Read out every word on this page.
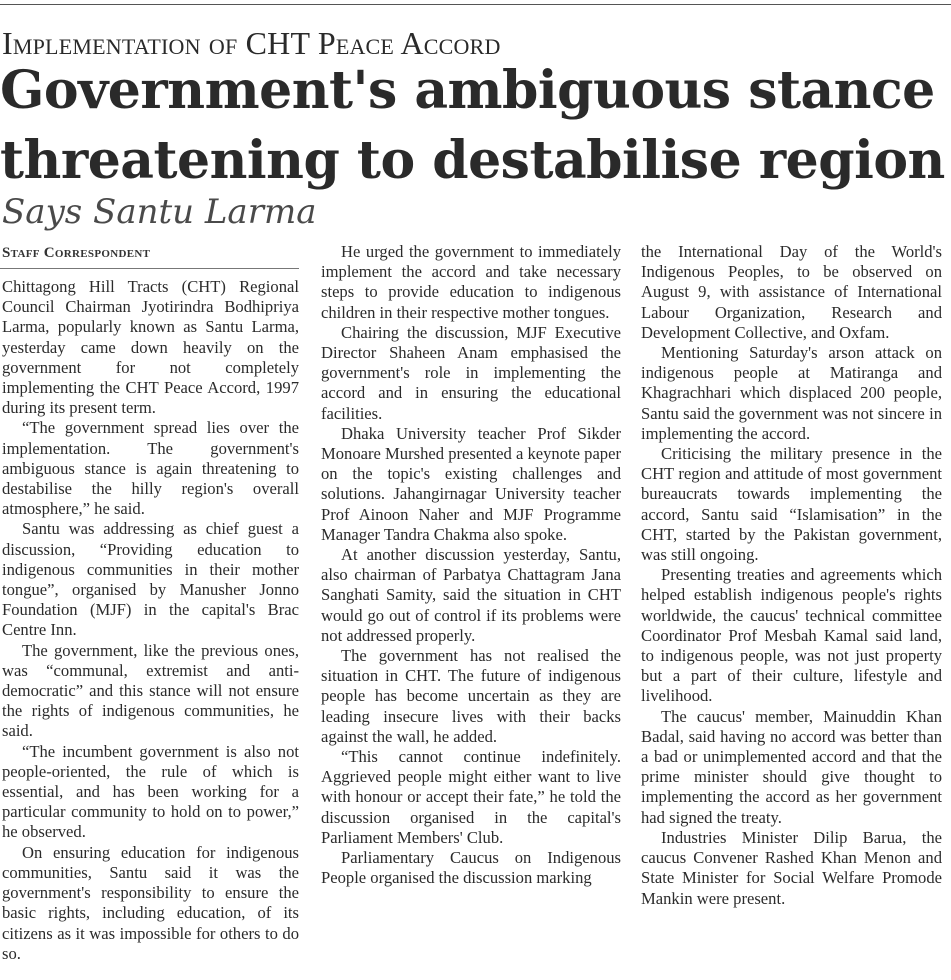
Implementation of CHT Peace Accord
Government's ambiguous stance
threatening to destabilise region
Says Santu Larma
Staff Correspondent

Chittagong Hill Tracts (CHT) Regional Council Chairman Jyotirindra Bodhipriya Larma, popularly known as Santu Larma, yesterday came down heavily on the government for not completely implementing the CHT Peace Accord, 1997 during its present term.

“The government spread lies over the implementation. The government's ambiguous stance is again threatening to destabilise the hilly region's overall atmosphere,” he said.

Santu was addressing as chief guest a discussion, “Providing education to indigenous communities in their mother tongue”, organised by Manusher Jonno Foundation (MJF) in the capital's Brac Centre Inn.

The government, like the previous ones, was “communal, extremist and anti-democratic” and this stance will not ensure the rights of indigenous communities, he said.

“The incumbent government is also not people-oriented, the rule of which is essential, and has been working for a particular community to hold on to power,” he observed.

On ensuring education for indigenous communities, Santu said it was the government's responsibility to ensure the basic rights, including education, of its citizens as it was impossible for others to do so.

He urged the government to immediately implement the accord and take necessary steps to provide education to indigenous children in their respective mother tongues.

Chairing the discussion, MJF Executive Director Shaheen Anam emphasised the government's role in implementing the accord and in ensuring the educational facilities.

Dhaka University teacher Prof Sikder Monoare Murshed presented a keynote paper on the topic's existing challenges and solutions. Jahangirnagar University teacher Prof Ainoon Naher and MJF Programme Manager Tandra Chakma also spoke.

At another discussion yesterday, Santu, also chairman of Parbatya Chattagram Jana Sanghati Samity, said the situation in CHT would go out of control if its problems were not addressed properly.

The government has not realised the situation in CHT. The future of indigenous people has become uncertain as they are leading insecure lives with their backs against the wall, he added.

“This cannot continue indefinitely. Aggrieved people might either want to live with honour or accept their fate,” he told the discussion organised in the capital's Parliament Members' Club.

Parliamentary Caucus on Indigenous People organised the discussion marking

the International Day of the World's Indigenous Peoples, to be observed on August 9, with assistance of International Labour Organization, Research and Development Collective, and Oxfam.

Mentioning Saturday's arson attack on indigenous people at Matiranga and Khagrachhari which displaced 200 people, Santu said the government was not sincere in implementing the accord.

Criticising the military presence in the CHT region and attitude of most government bureaucrats towards implementing the accord, Santu said “Islamisation” in the CHT, started by the Pakistan government, was still ongoing.

Presenting treaties and agreements which helped establish indigenous people's rights worldwide, the caucus' technical committee Coordinator Prof Mesbah Kamal said land, to indigenous people, was not just property but a part of their culture, lifestyle and livelihood.

The caucus' member, Mainuddin Khan Badal, said having no accord was better than a bad or unimplemented accord and that the prime minister should give thought to implementing the accord as her government had signed the treaty.

Industries Minister Dilip Barua, the caucus Convener Rashed Khan Menon and State Minister for Social Welfare Promode Mankin were present.
